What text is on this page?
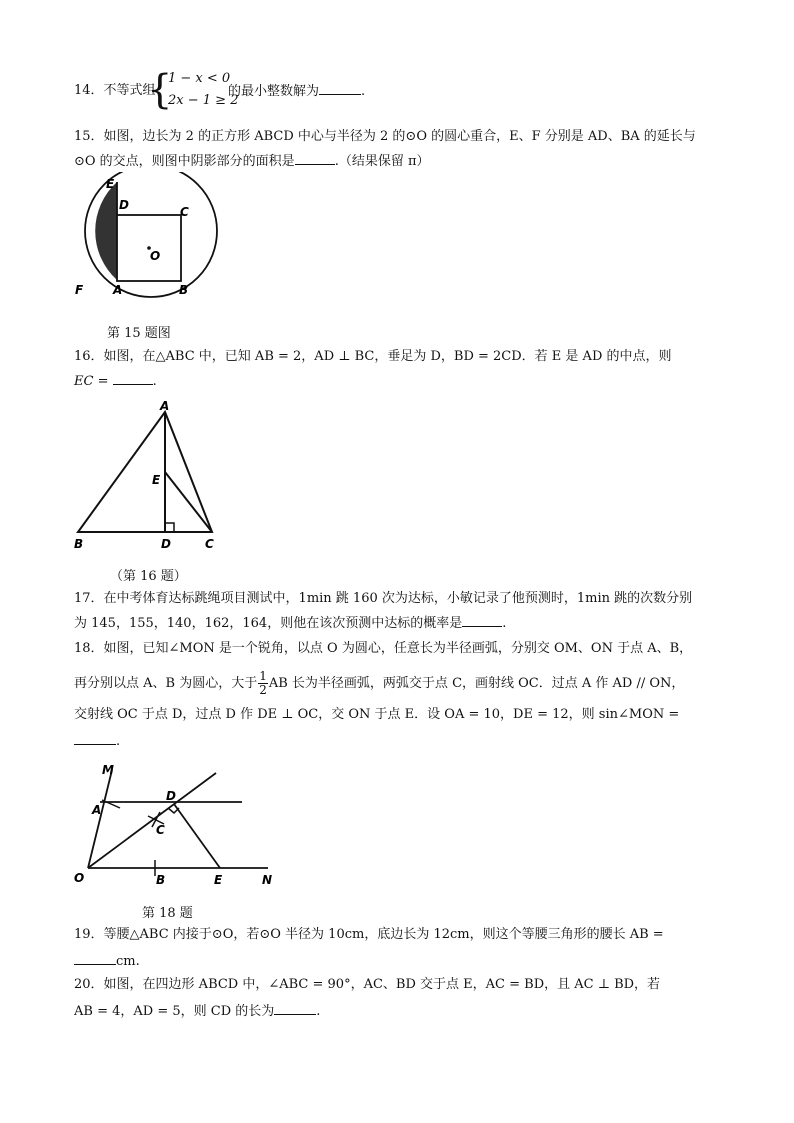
14．不等式组
{
1 − x < 0
2x − 1 ≥ 2
的最小整数解为	.
15．如图，边长为 2 的正方形 ABCD 中心与半径为 2 的⊙O 的圆心重合，E、F 分别是 AD、BA 的延长与
⊙O 的交点，则图中阴影部分的面积是	.（结果保留 π）
E
D	C
O
F A	B
第 15 题图
16．如图，在△ABC 中，已知 AB = 2，AD ⊥ BC，垂足为 D，BD = 2CD．若 E 是 AD 的中点，则
EC =	.
A
E
B	D	C
（第 16 题）
17．在中考体育达标跳绳项目测试中，1min 跳 160 次为达标，小敏记录了他预测时，1min 跳的次数分别
为 145，155，140，162，164，则他在该次预测中达标的概率是	.
18．如图，已知∠MON 是一个锐角，以点 O 为圆心，任意长为半径画弧，分别交 OM、ON 于点 A、B，
再分别以点 A、B 为圆心，大于 $\frac{1}{2}$ AB 长为半径画弧，两弧交于点 C，画射线 OC．过点 A 作 AD // ON，
交射线 OC 于点 D，过点 D 作 DE ⊥ OC，交 ON 于点 E．设 OA = 10，DE = 12，则 sin∠MON =
.
M
A
D
C
O	B	E	N
第 18 题
19．等腰△ABC 内接于⊙O，若⊙O 半径为 10cm，底边长为 12cm，则这个等腰三角形的腰长 AB =
cm.
20．如图，在四边形 ABCD 中，∠ABC = 90°，AC、BD 交于点 E，AC = BD，且 AC ⊥ BD，若
AB = 4，AD = 5，则 CD 的长为	.
